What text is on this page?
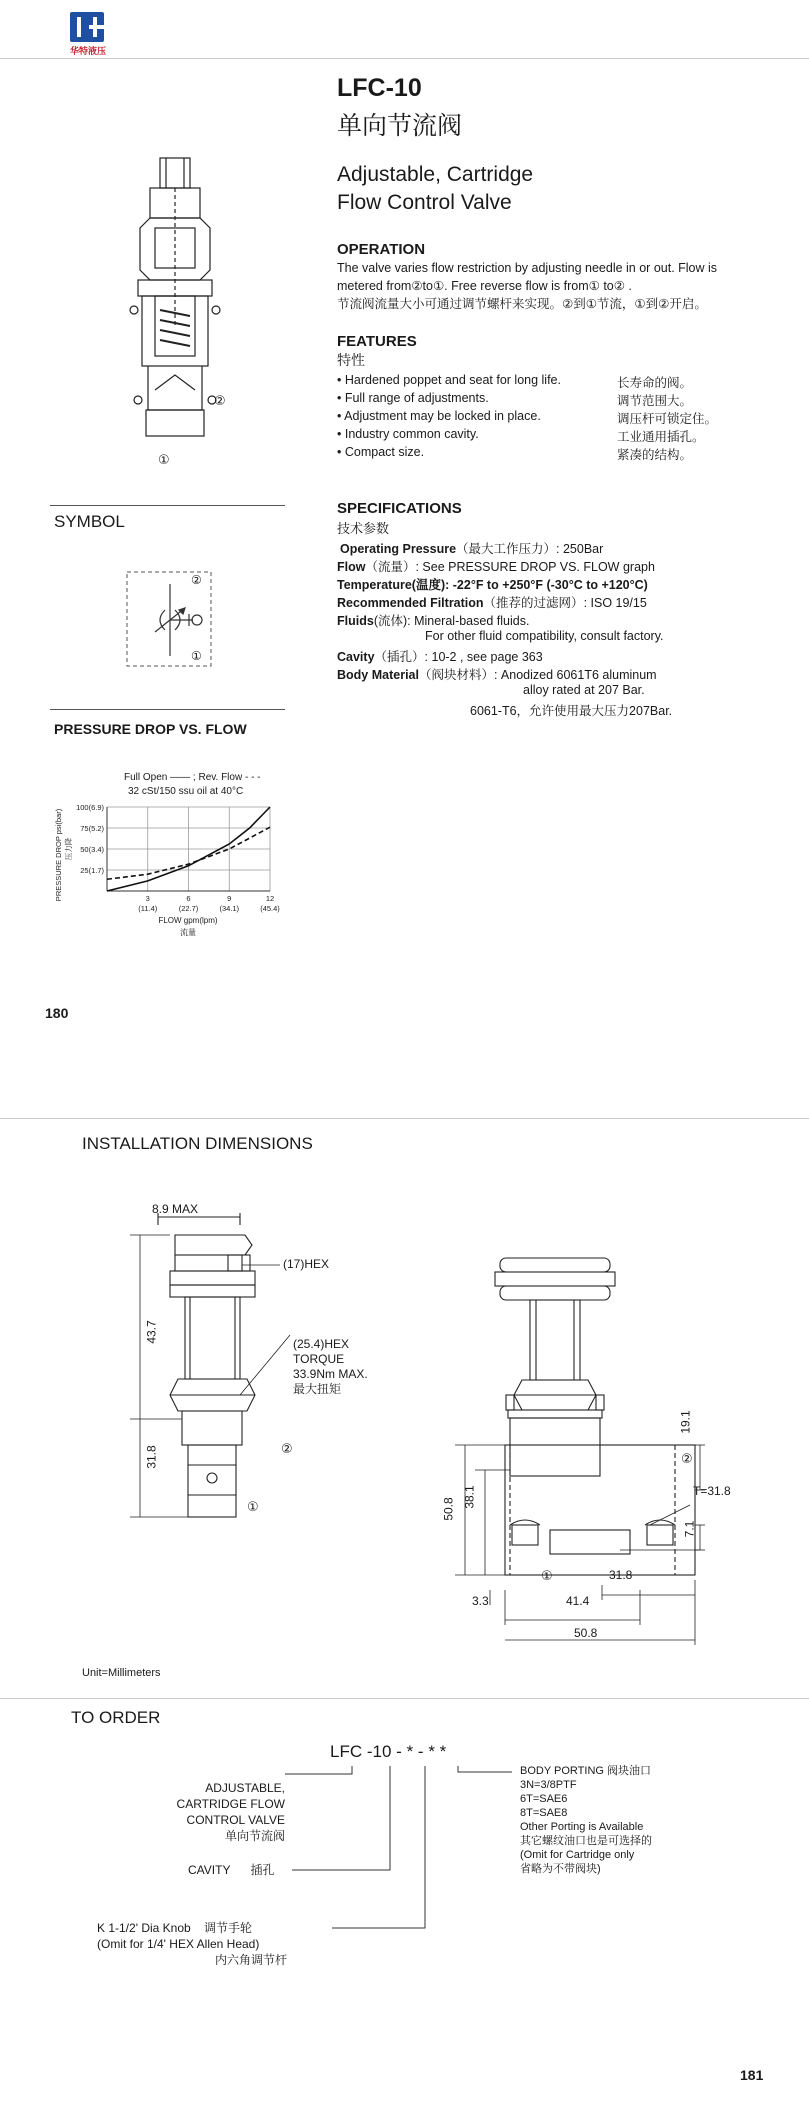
华特液压
LFC-10
单向节流阀
Adjustable, Cartridge
Flow Control Valve
②
①
OPERATION
The valve varies flow restriction by adjusting needle in or out. Flow is
metered from②to①. Free reverse flow is from① to② .
节流阀流量大小可通过调节螺杆来实现。②到①节流，①到②开启。
FEATURES
特性
• Hardened poppet and seat for long life.	长寿命的阀。
• Full range of adjustments.	调节范围大。
• Adjustment may be locked in place.	调压杆可锁定住。
• Industry common cavity.	工业通用插孔。
• Compact size.	紧凑的结构。
SYMBOL
②
①
PRESSURE DROP VS. FLOW
Full Open —— ; Rev. Flow - - -
32 cSt/150 ssu oil at 40°C
25(1.7)
50(3.4)
75(5.2)
100(6.9)
3
(11.4)
6
(22.7)
9
(34.1)
12
(45.4)
PRESSURE DROP psi(bar) 压力降
FLOW gpm(lpm)
流量
180
SPECIFICATIONS
技术参数
Operating Pressure（最大工作压力）: 250Bar
Flow（流量）: See PRESSURE DROP VS. FLOW graph
Temperature(温度): -22°F to +250°F (-30°C to +120°C)
Recommended Filtration（推荐的过滤网）: ISO 19/15
Fluids(流体): Mineral-based fluids.
For other fluid compatibility, consult factory.
Cavity（插孔）: 10-2 , see page 363
Body Material（阀块材料）: Anodized 6061T6 aluminum
alloy rated at 207 Bar.
6061-T6，允许使用最大压力207Bar.
INSTALLATION DIMENSIONS
8.9 MAX
(17)HEX
43.7
(25.4)HEX
TORQUE
33.9Nm MAX.
最大扭矩
31.8	②
①	50.8
38.1
19.1
②
T=31.8
7.1
①	31.8
3.3	41.4
50.8
Unit=Millimeters
TO ORDER
LFC -10 - * - * *
ADJUSTABLE,
CARTRIDGE FLOW
CONTROL VALVE
单向节流阀
CAVITY 插孔
K 1-1/2' Dia Knob 调节手轮
(Omit for 1/4' HEX Allen Head)
内六角调节杆
BODY PORTING 阀块油口
3N=3/8PTF
6T=SAE6
8T=SAE8
Other Porting is Available
其它螺纹油口也是可选择的
(Omit for Cartridge only
省略为不带阀块)
181
